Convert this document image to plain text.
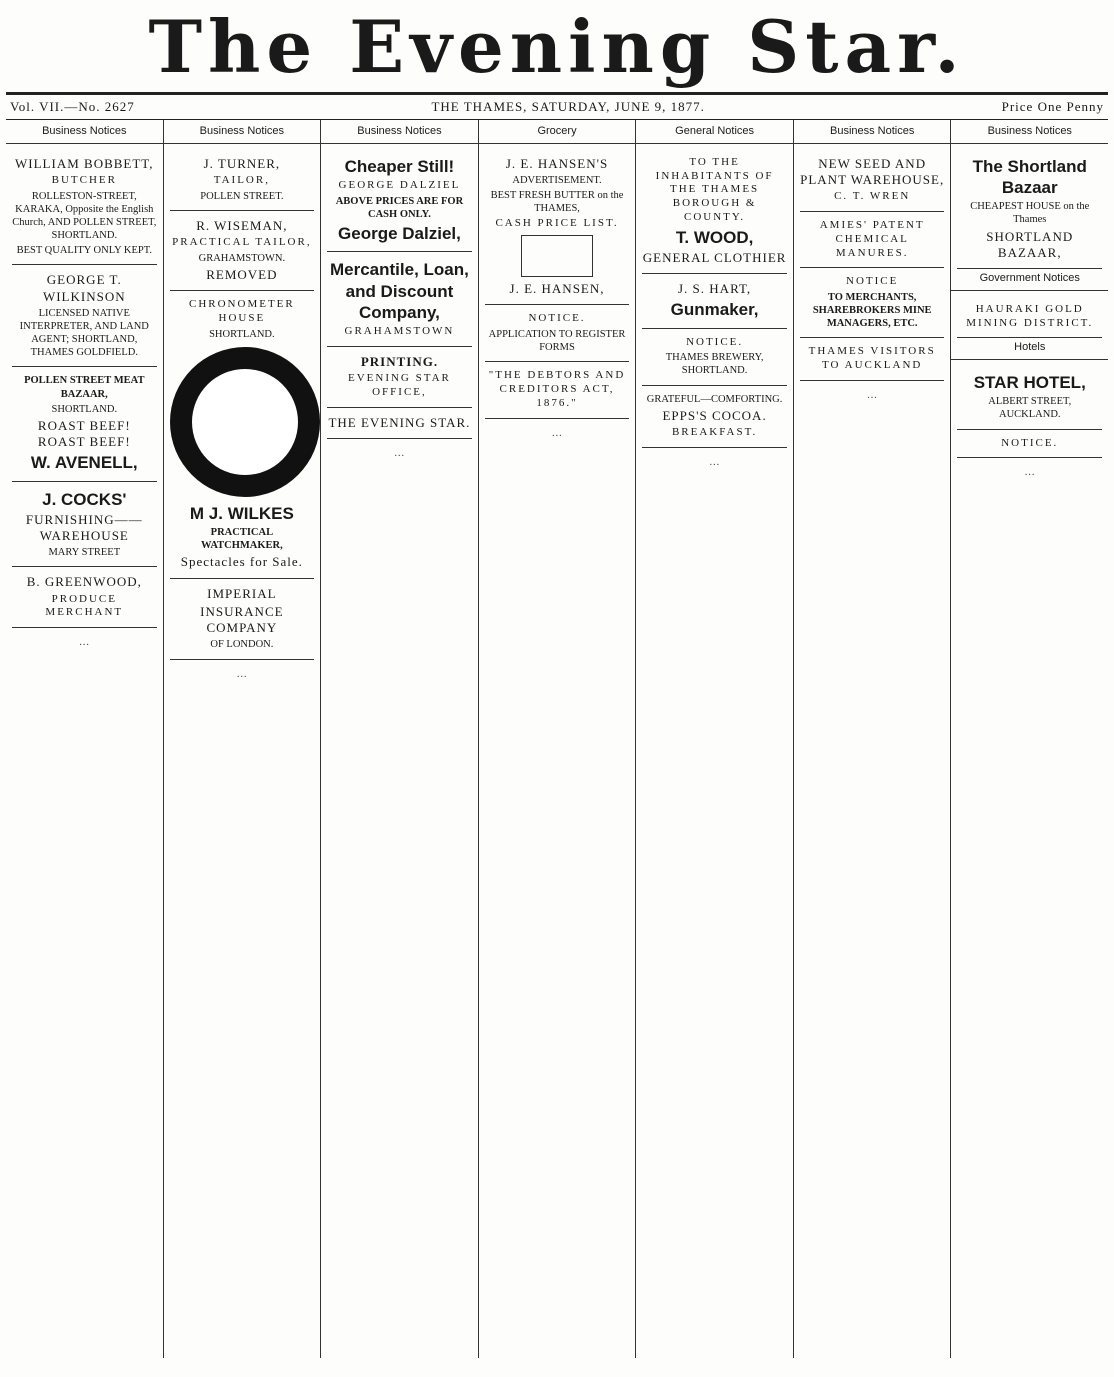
The Evening Star.
Vol. VII.—No. 2627	THE THAMES, SATURDAY, JUNE 9, 1877.	Price One Penny
Business Notices

WILLIAM BOBBETT,

BUTCHER

ROLLESTON-STREET, KARAKA, Opposite the English Church, AND POLLEN STREET, SHORTLAND.

BEST QUALITY ONLY KEPT.

GEORGE T. WILKINSON

LICENSED NATIVE INTERPRETER, AND LAND AGENT; SHORTLAND, THAMES GOLDFIELD.

POLLEN STREET MEAT BAZAAR,

SHORTLAND.

ROAST BEEF! ROAST BEEF!

W. AVENELL,

J. COCKS'

FURNISHING——WAREHOUSE

MARY STREET

B. GREENWOOD,

PRODUCE MERCHANT

…
Business Notices

J. TURNER,

TAILOR,

POLLEN STREET.

R. WISEMAN,

PRACTICAL TAILOR,

GRAHAMSTOWN.

REMOVED

CHRONOMETER HOUSE

SHORTLAND.

M J. WILKES

PRACTICAL WATCHMAKER,

Spectacles for Sale.

IMPERIAL

INSURANCE COMPANY

OF LONDON.

…
Business Notices

Cheaper Still!

GEORGE DALZIEL

ABOVE PRICES ARE FOR CASH ONLY.

George Dalziel,

Mercantile, Loan, and Discount Company,

GRAHAMSTOWN

PRINTING.

EVENING STAR OFFICE,

THE EVENING STAR.

…
Grocery

J. E. HANSEN'S

ADVERTISEMENT.

BEST FRESH BUTTER on the THAMES,

CASH PRICE LIST.

J. E. HANSEN,

NOTICE.

APPLICATION TO REGISTER FORMS

"THE DEBTORS AND CREDITORS ACT, 1876."

…
General Notices

TO THE INHABITANTS OF THE THAMES BOROUGH & COUNTY.

T. WOOD,

GENERAL CLOTHIER

J. S. HART,

Gunmaker,

NOTICE.

THAMES BREWERY, SHORTLAND.

GRATEFUL—COMFORTING.

EPPS'S COCOA.

BREAKFAST.

…
Business Notices

NEW SEED AND PLANT WAREHOUSE,

C. T. WREN

AMIES' PATENT CHEMICAL MANURES.

NOTICE

TO MERCHANTS, SHAREBROKERS MINE MANAGERS, ETC.

THAMES VISITORS TO AUCKLAND

…
Business Notices

The Shortland Bazaar

CHEAPEST HOUSE on the Thames

SHORTLAND BAZAAR,

Government Notices

HAURAKI GOLD MINING DISTRICT.

Hotels

STAR HOTEL,

ALBERT STREET, AUCKLAND.

NOTICE.

…
